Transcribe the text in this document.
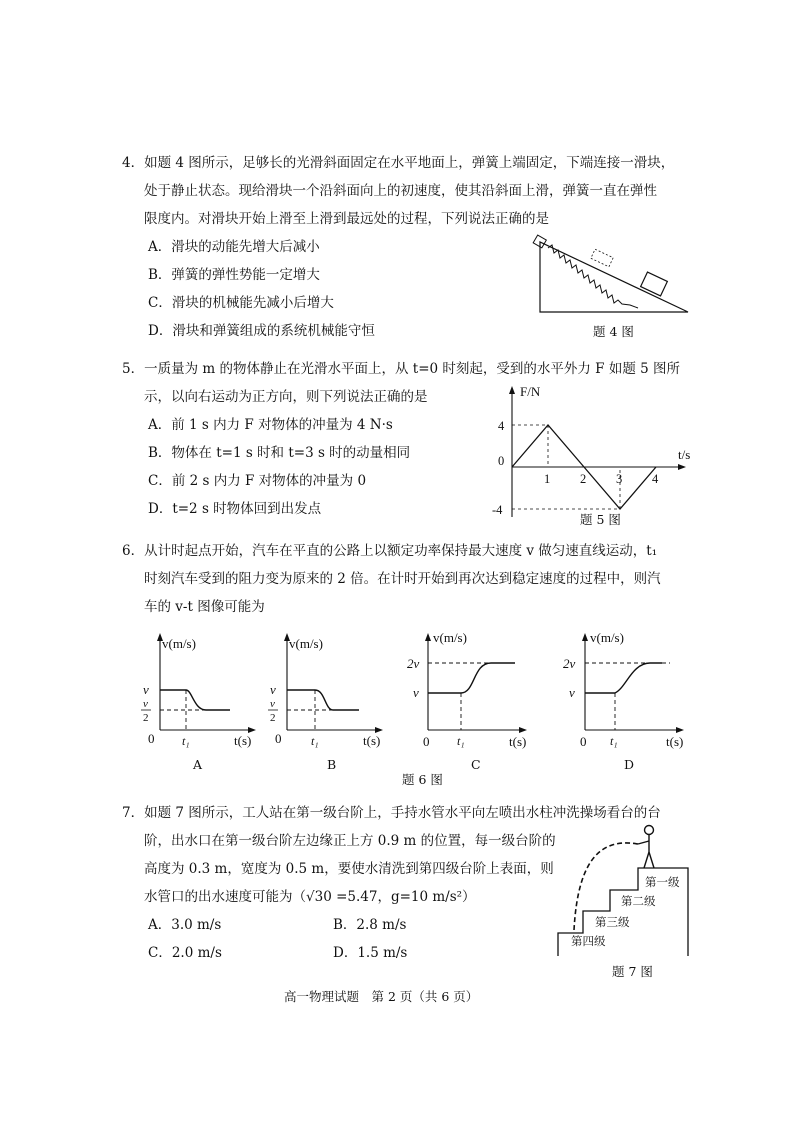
4．如题 4 图所示，足够长的光滑斜面固定在水平地面上，弹簧上端固定，下端连接一滑块，
处于静止状态。现给滑块一个沿斜面向上的初速度，使其沿斜面上滑，弹簧一直在弹性
限度内。对滑块开始上滑至上滑到最远处的过程，下列说法正确的是
A．滑块的动能先增大后减小
B．弹簧的弹性势能一定增大
C．滑块的机械能先减小后增大
D．滑块和弹簧组成的系统机械能守恒	题 4 图
5．一质量为 m 的物体静止在光滑水平面上，从 t=0 时刻起，受到的水平外力 F 如题 5 图所
示，以向右运动为正方向，则下列说法正确的是
A．前 1 s 内力 F 对物体的冲量为 4 N·s
B．物体在 t=1 s 时和 t=3 s 时的动量相同
C．前 2 s 内力 F 对物体的冲量为 0
D．t=2 s 时物体回到出发点
F/N
t/s
1 2 3 4
4
0
-4
题 5 图
6．从计时起点开始，汽车在平直的公路上以额定功率保持最大速度 v 做匀速直线运动，t₁
时刻汽车受到的阻力变为原来的 2 倍。在计时开始到再次达到稳定速度的过程中，则汽
车的 v-t 图像可能为
v(m/s)
v
v
2
0 t₁	t(s)
A
v(m/s)
v
v
2
0 t₁	t(s)
B
v(m/s)
2v
v
0 t₁	t(s)
C
v(m/s)
2v
v
0 t₁	t(s)
D
题 6 图
7．如题 7 图所示，工人站在第一级台阶上，手持水管水平向左喷出水柱冲洗操场看台的台
阶，出水口在第一级台阶左边缘正上方 0.9 m 的位置，每一级台阶的
高度为 0.3 m，宽度为 0.5 m，要使水清洗到第四级台阶上表面，则
水管口的出水速度可能为（√30 =5.47，g=10 m/s²）
A．3.0 m/s	B．2.8 m/s
C．2.0 m/s	D．1.5 m/s
第一级
第二级
第三级
第四级
题 7 图
高一物理试题　第 2 页（共 6 页）
